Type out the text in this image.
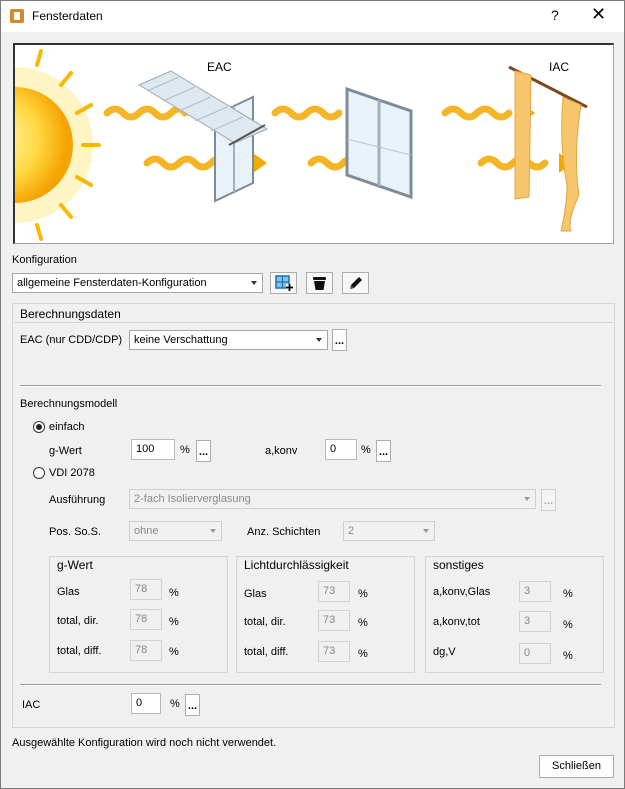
Fensterdaten	? ✕
EAC	IAC
Konfiguration
allgemeine Fensterdaten-Konfiguration
Berechnungsdaten
EAC (nur CDD/CDP)	keine Verschattung	...
Berechnungsmodell
einfach
g-Wert	100	% ...	a,konv	0	% ...
VDI 2078
Ausführung	2-fach Isolierverglasung	...
Pos. So.S.	ohne	Anz. Schichten	2
g-Wert
Glas	78	%
total, dir.	78	%
total, diff.	78	%
Lichtdurchlässigkeit
Glas	73	%
total, dir.	73	%
total, diff.	73	%
sonstiges
a,konv,Glas	3	%
a,konv,tot	3	%
dg,V	0	%
IAC	0	% ...
Ausgewählte Konfiguration wird noch nicht verwendet.
Schließen
